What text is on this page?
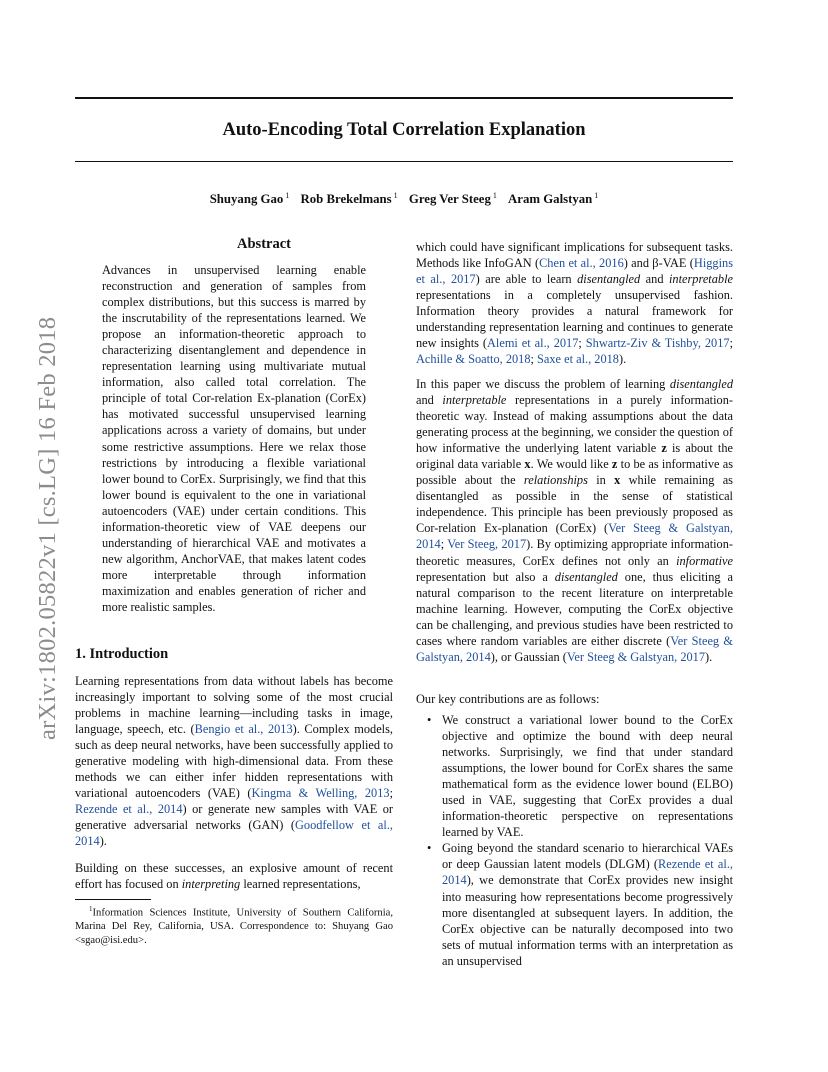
Auto-Encoding Total Correlation Explanation
Shuyang Gao $^1$ Rob Brekelmans $^1$ Greg Ver Steeg $^1$ Aram Galstyan $^1$
arXiv:1802.05822v1 [cs.LG] 16 Feb 2018
Abstract

Advances in unsupervised learning enable reconstruction and generation of samples from complex distributions, but this success is marred by the inscrutability of the representations learned. We propose an information-theoretic approach to characterizing disentanglement and dependence in representation learning using multivariate mutual information, also called total correlation. The principle of total Cor-relation Ex-planation (CorEx) has motivated successful unsupervised learning applications across a variety of domains, but under some restrictive assumptions. Here we relax those restrictions by introducing a flexible variational lower bound to CorEx. Surprisingly, we find that this lower bound is equivalent to the one in variational autoencoders (VAE) under certain conditions. This information-theoretic view of VAE deepens our understanding of hierarchical VAE and motivates a new algorithm, AnchorVAE, that makes latent codes more interpretable through information maximization and enables generation of richer and more realistic samples.

1. Introduction

Learning representations from data without labels has become increasingly important to solving some of the most crucial problems in machine learning—including tasks in image, language, speech, etc. (Bengio et al., 2013). Complex models, such as deep neural networks, have been successfully applied to generative modeling with high-dimensional data. From these methods we can either infer hidden representations with variational autoencoders (VAE) (Kingma & Welling, 2013; Rezende et al., 2014) or generate new samples with VAE or generative adversarial networks (GAN) (Goodfellow et al., 2014).

Building on these successes, an explosive amount of recent effort has focused on interpreting learned representations,

$^1$Information Sciences Institute, University of Southern California, Marina Del Rey, California, USA. Correspondence to: Shuyang Gao <sgao@isi.edu>.

which could have significant implications for subsequent tasks. Methods like InfoGAN (Chen et al., 2016) and β-VAE (Higgins et al., 2017) are able to learn disentangled and interpretable representations in a completely unsupervised fashion. Information theory provides a natural framework for understanding representation learning and continues to generate new insights (Alemi et al., 2017; Shwartz-Ziv & Tishby, 2017; Achille & Soatto, 2018; Saxe et al., 2018).

In this paper we discuss the problem of learning disentangled and interpretable representations in a purely information-theoretic way. Instead of making assumptions about the data generating process at the beginning, we consider the question of how informative the underlying latent variable z is about the original data variable x. We would like z to be as informative as possible about the relationships in x while remaining as disentangled as possible in the sense of statistical independence. This principle has been previously proposed as Cor-relation Ex-planation (CorEx) (Ver Steeg & Galstyan, 2014; Ver Steeg, 2017). By optimizing appropriate information-theoretic measures, CorEx defines not only an informative representation but also a disentangled one, thus eliciting a natural comparison to the recent literature on interpretable machine learning. However, computing the CorEx objective can be challenging, and previous studies have been restricted to cases where random variables are either discrete (Ver Steeg & Galstyan, 2014), or Gaussian (Ver Steeg & Galstyan, 2017).

Our key contributions are as follows:

• We construct a variational lower bound to the CorEx objective and optimize the bound with deep neural networks. Surprisingly, we find that under standard assumptions, the lower bound for CorEx shares the same mathematical form as the evidence lower bound (ELBO) used in VAE, suggesting that CorEx provides a dual information-theoretic perspective on representations learned by VAE.
• Going beyond the standard scenario to hierarchical VAEs or deep Gaussian latent models (DLGM) (Rezende et al., 2014), we demonstrate that CorEx provides new insight into measuring how representations become progressively more disentangled at subsequent layers. In addition, the CorEx objective can be naturally decomposed into two sets of mutual information terms with an interpretation as an unsupervised
